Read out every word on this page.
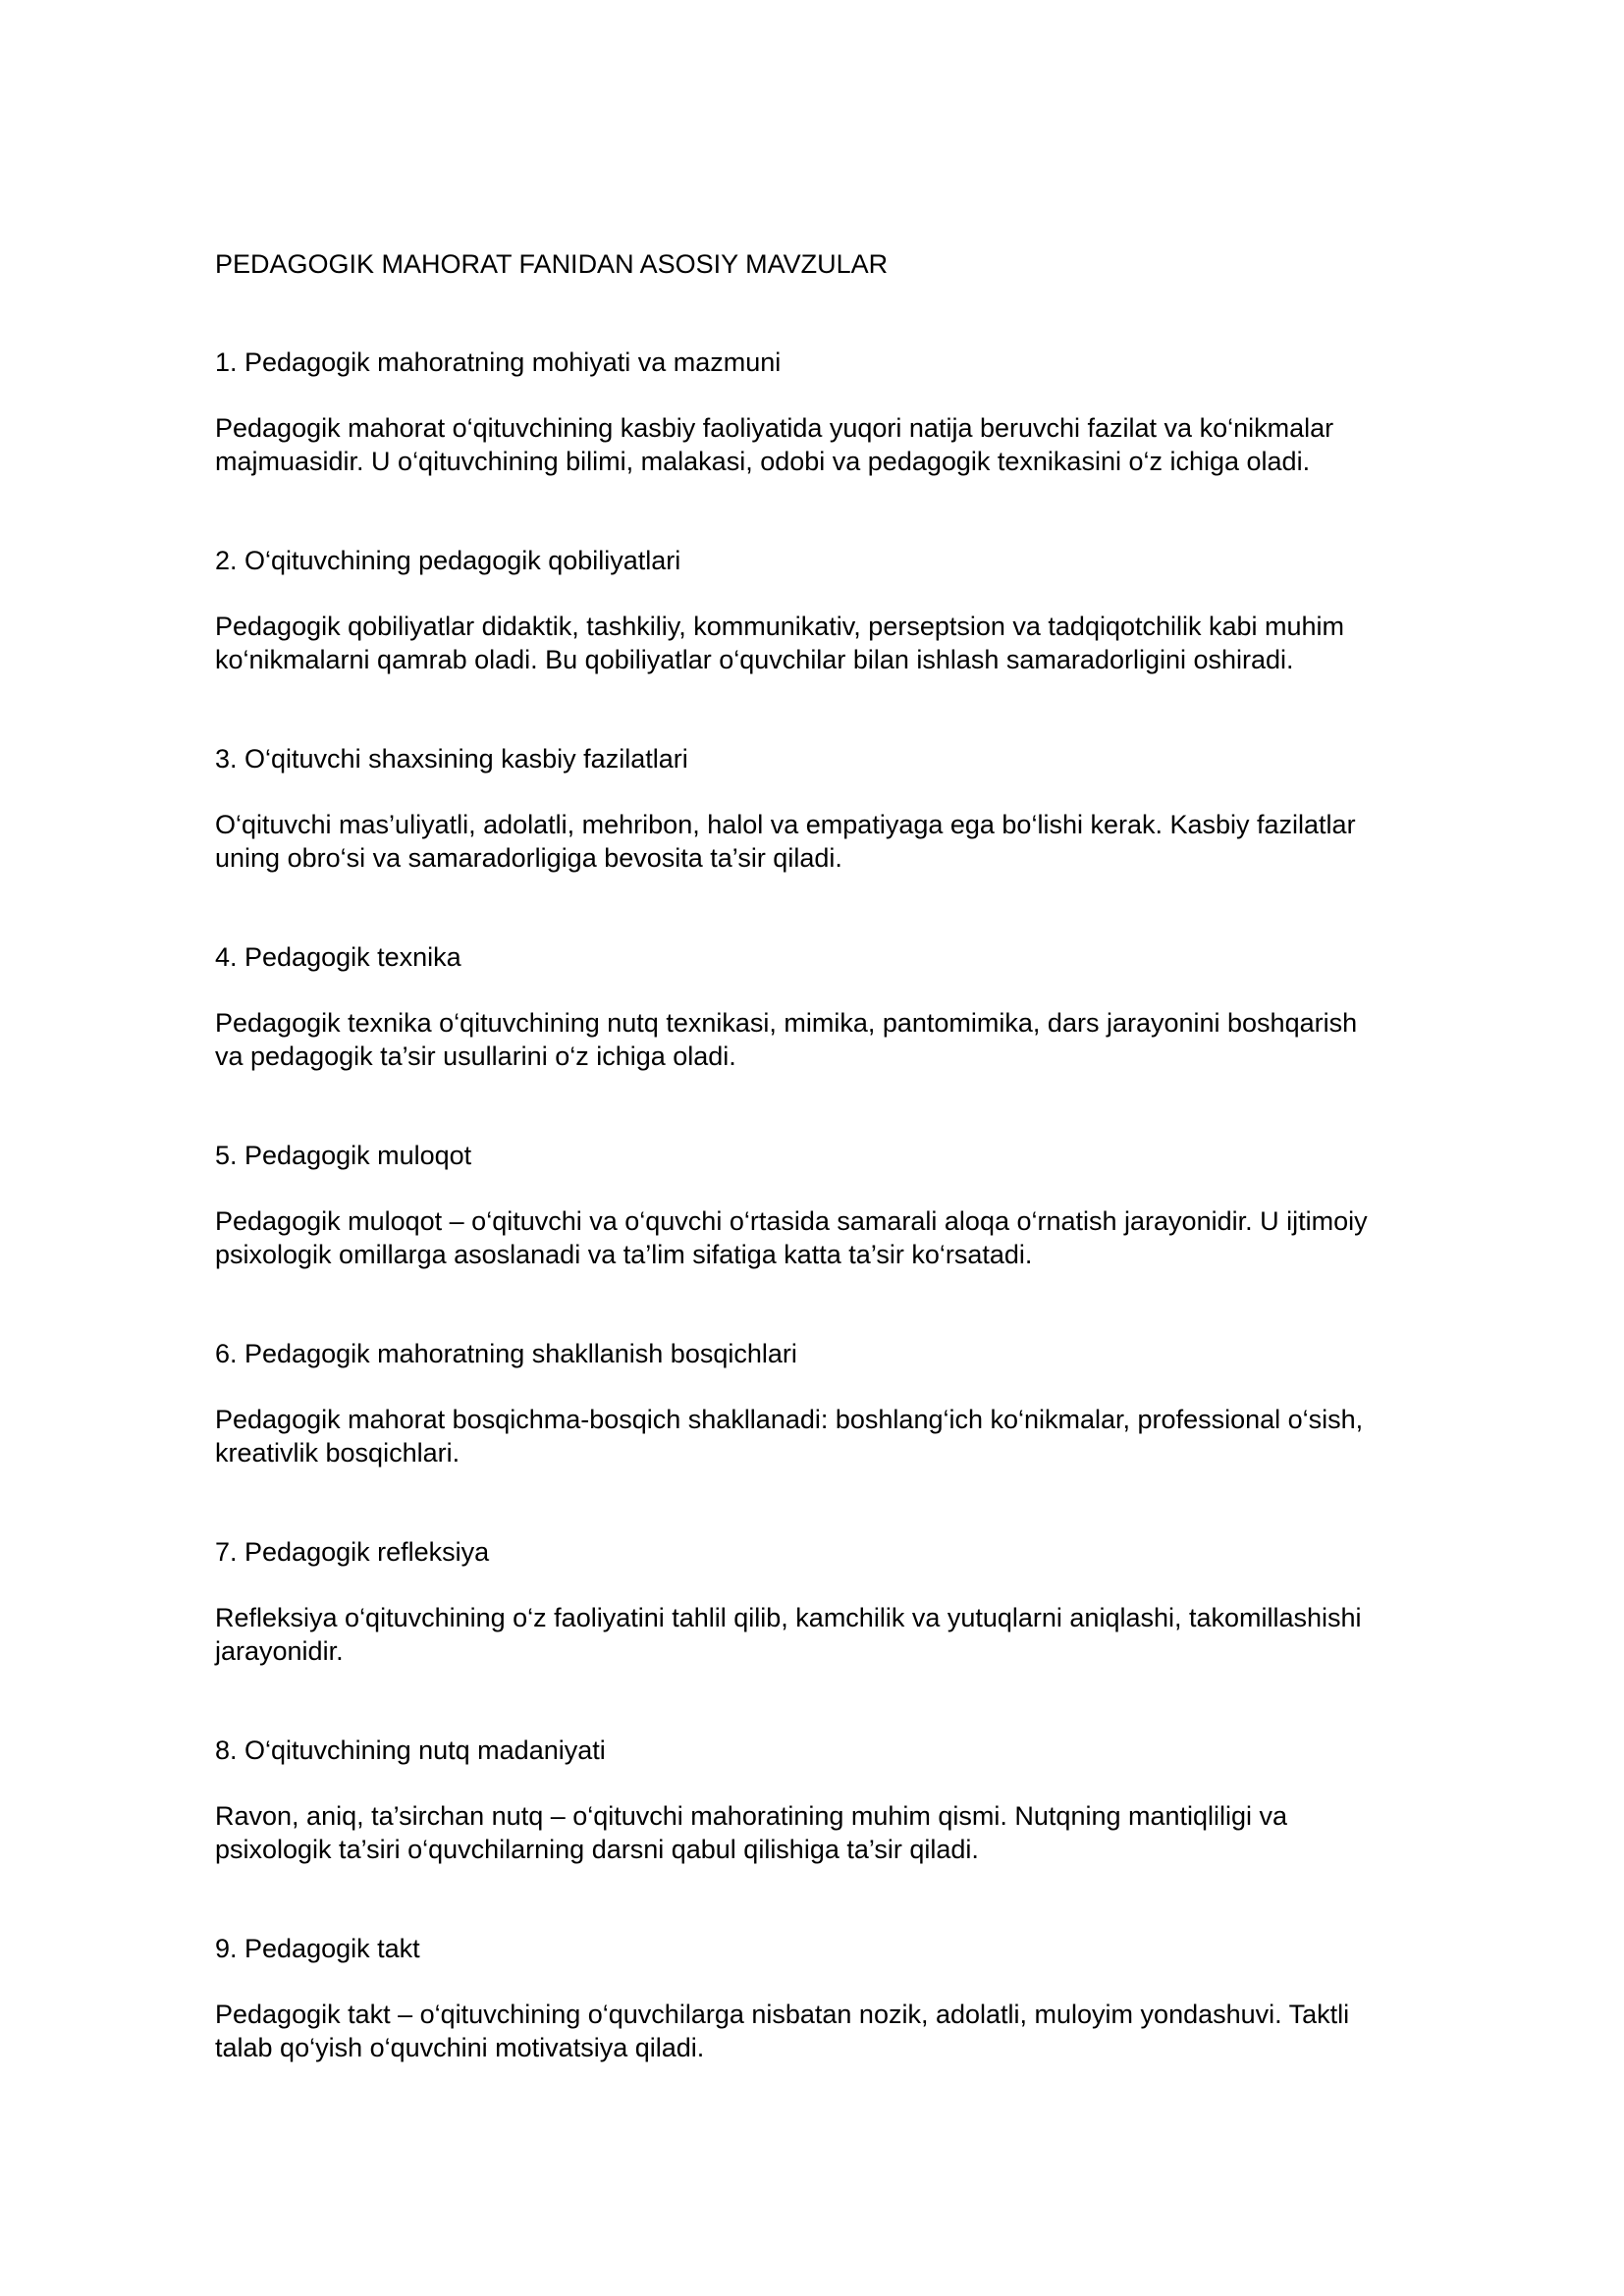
PEDAGOGIK MAHORAT FANIDAN ASOSIY MAVZULAR
1. Pedagogik mahoratning mohiyati va mazmuni

Pedagogik mahorat o‘qituvchining kasbiy faoliyatida yuqori natija beruvchi fazilat va ko‘nikmalar
majmuasidir. U o‘qituvchining bilimi, malakasi, odobi va pedagogik texnikasini o‘z ichiga oladi.

2. O‘qituvchining pedagogik qobiliyatlari

Pedagogik qobiliyatlar didaktik, tashkiliy, kommunikativ, perseptsion va tadqiqotchilik kabi muhim
ko‘nikmalarni qamrab oladi. Bu qobiliyatlar o‘quvchilar bilan ishlash samaradorligini oshiradi.

3. O‘qituvchi shaxsining kasbiy fazilatlari

O‘qituvchi mas’uliyatli, adolatli, mehribon, halol va empatiyaga ega bo‘lishi kerak. Kasbiy fazilatlar
uning obro‘si va samaradorligiga bevosita ta’sir qiladi.

4. Pedagogik texnika

Pedagogik texnika o‘qituvchining nutq texnikasi, mimika, pantomimika, dars jarayonini boshqarish
va pedagogik ta’sir usullarini o‘z ichiga oladi.

5. Pedagogik muloqot

Pedagogik muloqot – o‘qituvchi va o‘quvchi o‘rtasida samarali aloqa o‘rnatish jarayonidir. U ijtimoiy
psixologik omillarga asoslanadi va ta’lim sifatiga katta ta’sir ko‘rsatadi.

6. Pedagogik mahoratning shakllanish bosqichlari

Pedagogik mahorat bosqichma-bosqich shakllanadi: boshlang‘ich ko‘nikmalar, professional o‘sish,
kreativlik bosqichlari.

7. Pedagogik refleksiya

Refleksiya o‘qituvchining o‘z faoliyatini tahlil qilib, kamchilik va yutuqlarni aniqlashi, takomillashishi
jarayonidir.

8. O‘qituvchining nutq madaniyati

Ravon, aniq, ta’sirchan nutq – o‘qituvchi mahoratining muhim qismi. Nutqning mantiqliligi va
psixologik ta’siri o‘quvchilarning darsni qabul qilishiga ta’sir qiladi.

9. Pedagogik takt

Pedagogik takt – o‘qituvchining o‘quvchilarga nisbatan nozik, adolatli, muloyim yondashuvi. Taktli
talab qo‘yish o‘quvchini motivatsiya qiladi.
